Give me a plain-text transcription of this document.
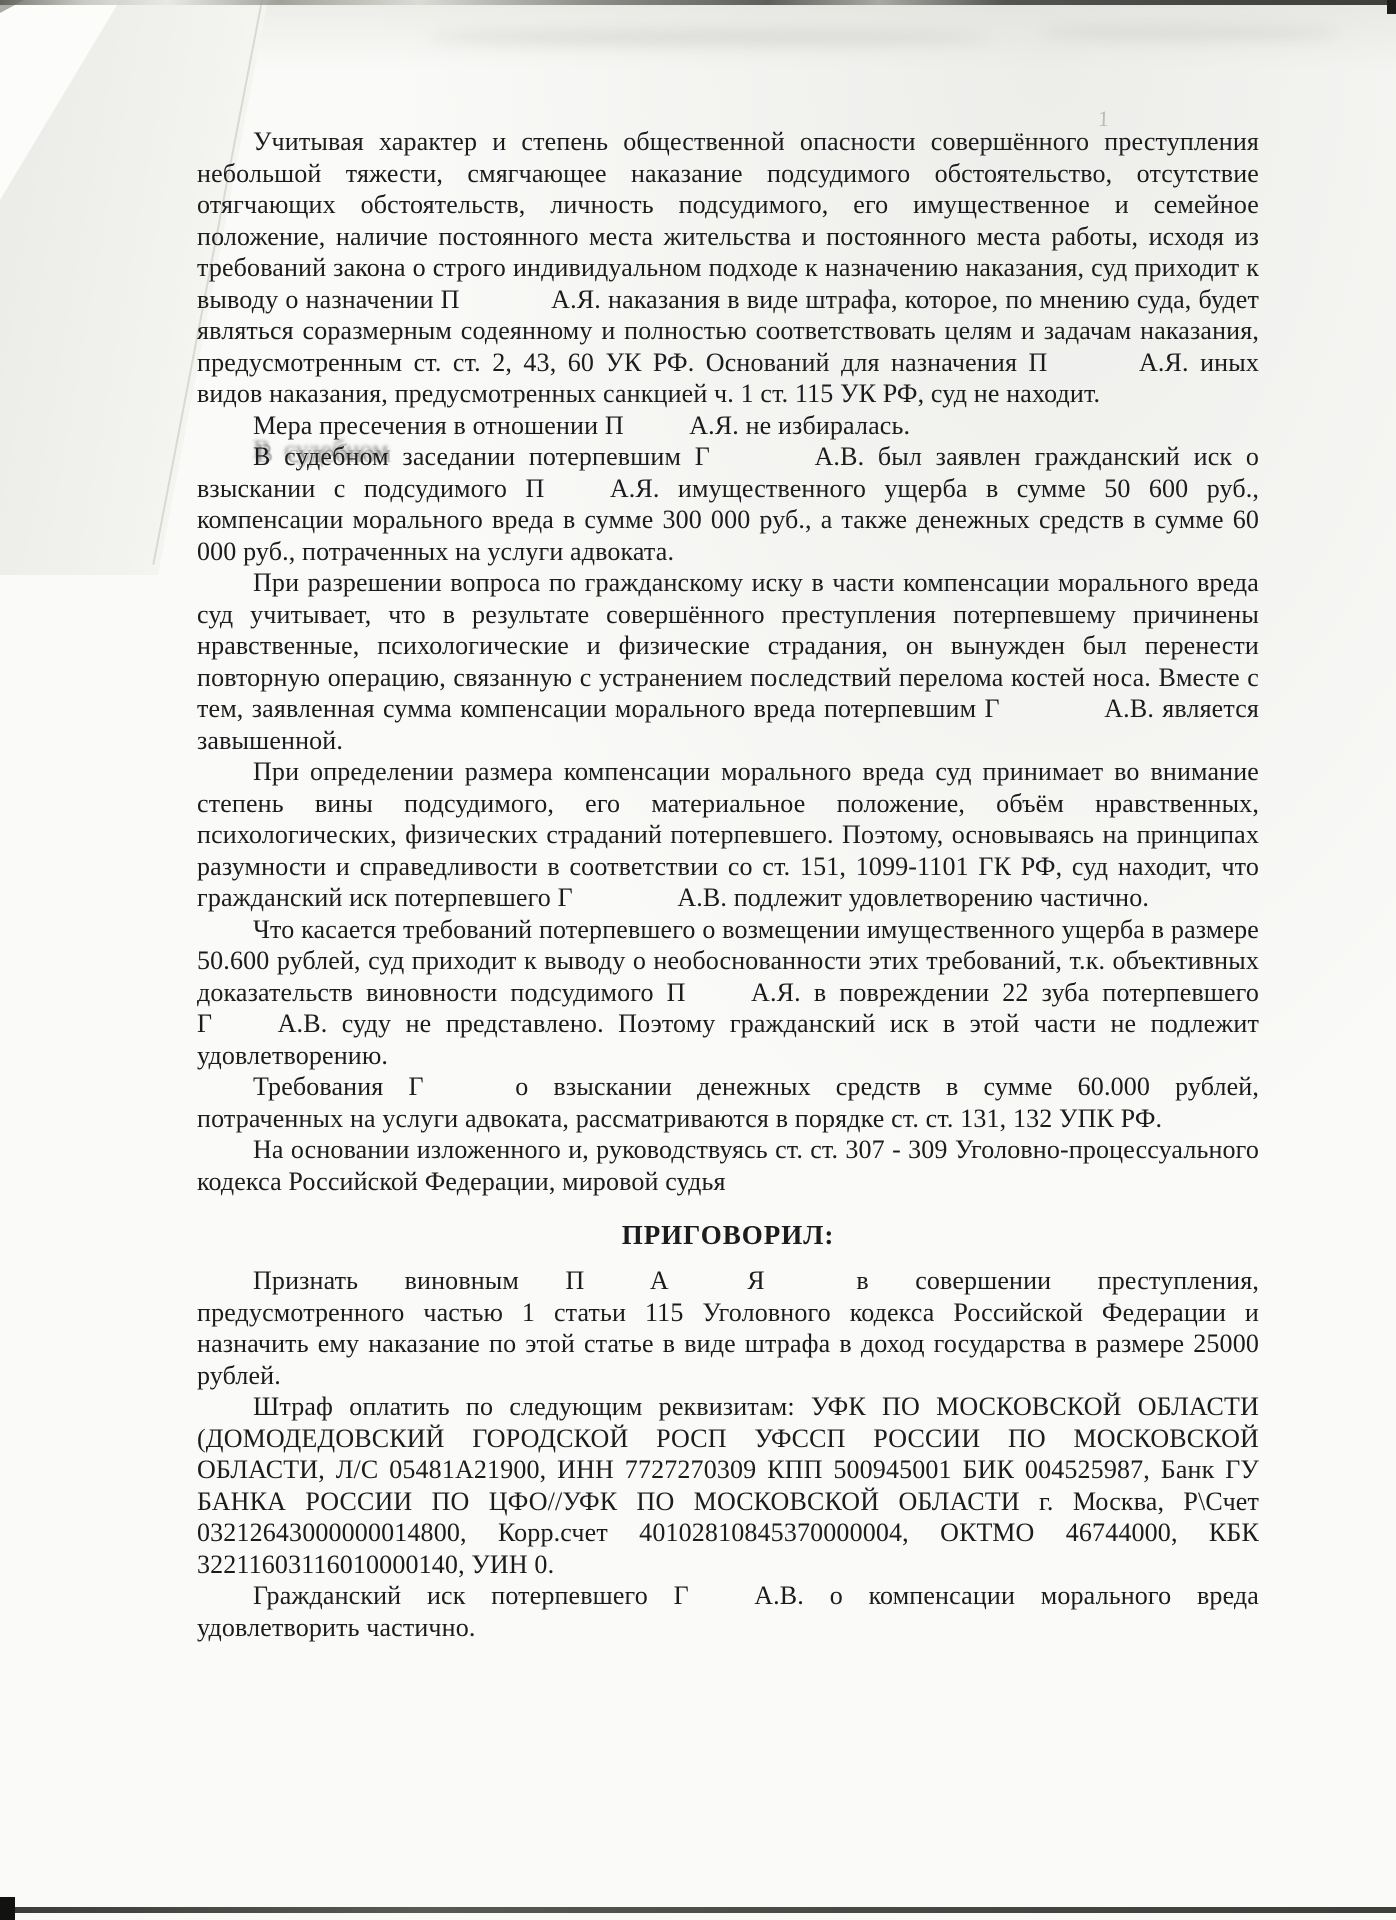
1

Учитывая характер и степень общественной опасности совершённого преступления небольшой тяжести, смягчающее наказание подсудимого обстоятельство, отсутствие отягчающих обстоятельств, личность подсудимого, его имущественное и семейное положение, наличие постоянного места жительства и постоянного места работы, исходя из требований закона о строго индивидуальном подходе к назначению наказания, суд приходит к выводу о назначении П    А.Я. наказания в виде штрафа, которое, по мнению суда, будет являться соразмерным содеянному и полностью соответствовать целям и задачам наказания, предусмотренным ст. ст. 2, 43, 60 УК РФ. Оснований для назначения П    А.Я. иных видов наказания, предусмотренных санкцией ч. 1 ст. 115 УК РФ, суд не находит.

Мера пресечения в отношении П   А.Я. не избиралась.

В судебном заседании потерпевшим Г    А.В. был заявлен гражданский иск о взыскании с подсудимого П   А.Я. имущественного ущерба в сумме 50 600 руб., компенсации морального вреда в сумме 300 000 руб., а также денежных средств в сумме 60 000 руб., потраченных на услуги адвоката.

При разрешении вопроса по гражданскому иску в части компенсации морального вреда суд учитывает, что в результате совершённого преступления потерпевшему причинены нравственные, психологические и физические страдания, он вынужден был перенести повторную операцию, связанную с устранением последствий перелома костей носа. Вместе с тем, заявленная сумма компенсации морального вреда потерпевшим Г    А.В. является завышенной.

При определении размера компенсации морального вреда суд принимает во внимание степень вины подсудимого, его материальное положение, объём нравственных, психологических, физических страданий потерпевшего. Поэтому, основываясь на принципах разумности и справедливости в соответствии со ст. 151, 1099-1101 ГК РФ, суд находит, что гражданский иск потерпевшего Г    А.В. подлежит удовлетворению частично.

Что касается требований потерпевшего о возмещении имущественного ущерба в размере 50.600 рублей, суд приходит к выводу о необоснованности этих требований, т.к. объективных доказательств виновности подсудимого П   А.Я. в повреждении 22 зуба потерпевшего Г   А.В. суду не представлено. Поэтому гражданский иск в этой части не подлежит удовлетворению.

Требования Г    о взыскании денежных средств в сумме 60.000 рублей, потраченных на услуги адвоката, рассматриваются в порядке ст. ст. 131, 132 УПК РФ.

На основании изложенного и, руководствуясь ст. ст. 307 - 309 Уголовно-процессуального кодекса Российской Федерации, мировой судья

ПРИГОВОРИЛ:

Признать виновным П   А   Я    в совершении преступления, предусмотренного частью 1 статьи 115 Уголовного кодекса Российской Федерации и назначить ему наказание по этой статье в виде штрафа в доход государства в размере 25000 рублей.

Штраф оплатить по следующим реквизитам: УФК ПО МОСКОВСКОЙ ОБЛАСТИ (ДОМОДЕДОВСКИЙ ГОРОДСКОЙ РОСП УФССП РОССИИ ПО МОСКОВСКОЙ ОБЛАСТИ, Л/С 05481А21900, ИНН 7727270309 КПП 500945001 БИК 004525987, Банк ГУ БАНКА РОССИИ ПО ЦФО//УФК ПО МОСКОВСКОЙ ОБЛАСТИ г. Москва, Р\Счет 03212643000000014800, Корр.счет 40102810845370000004, ОКТМО 46744000, КБК 32211603116010000140, УИН 0.

Гражданский иск потерпевшего Г   А.В. о компенсации морального вреда удовлетворить частично.
